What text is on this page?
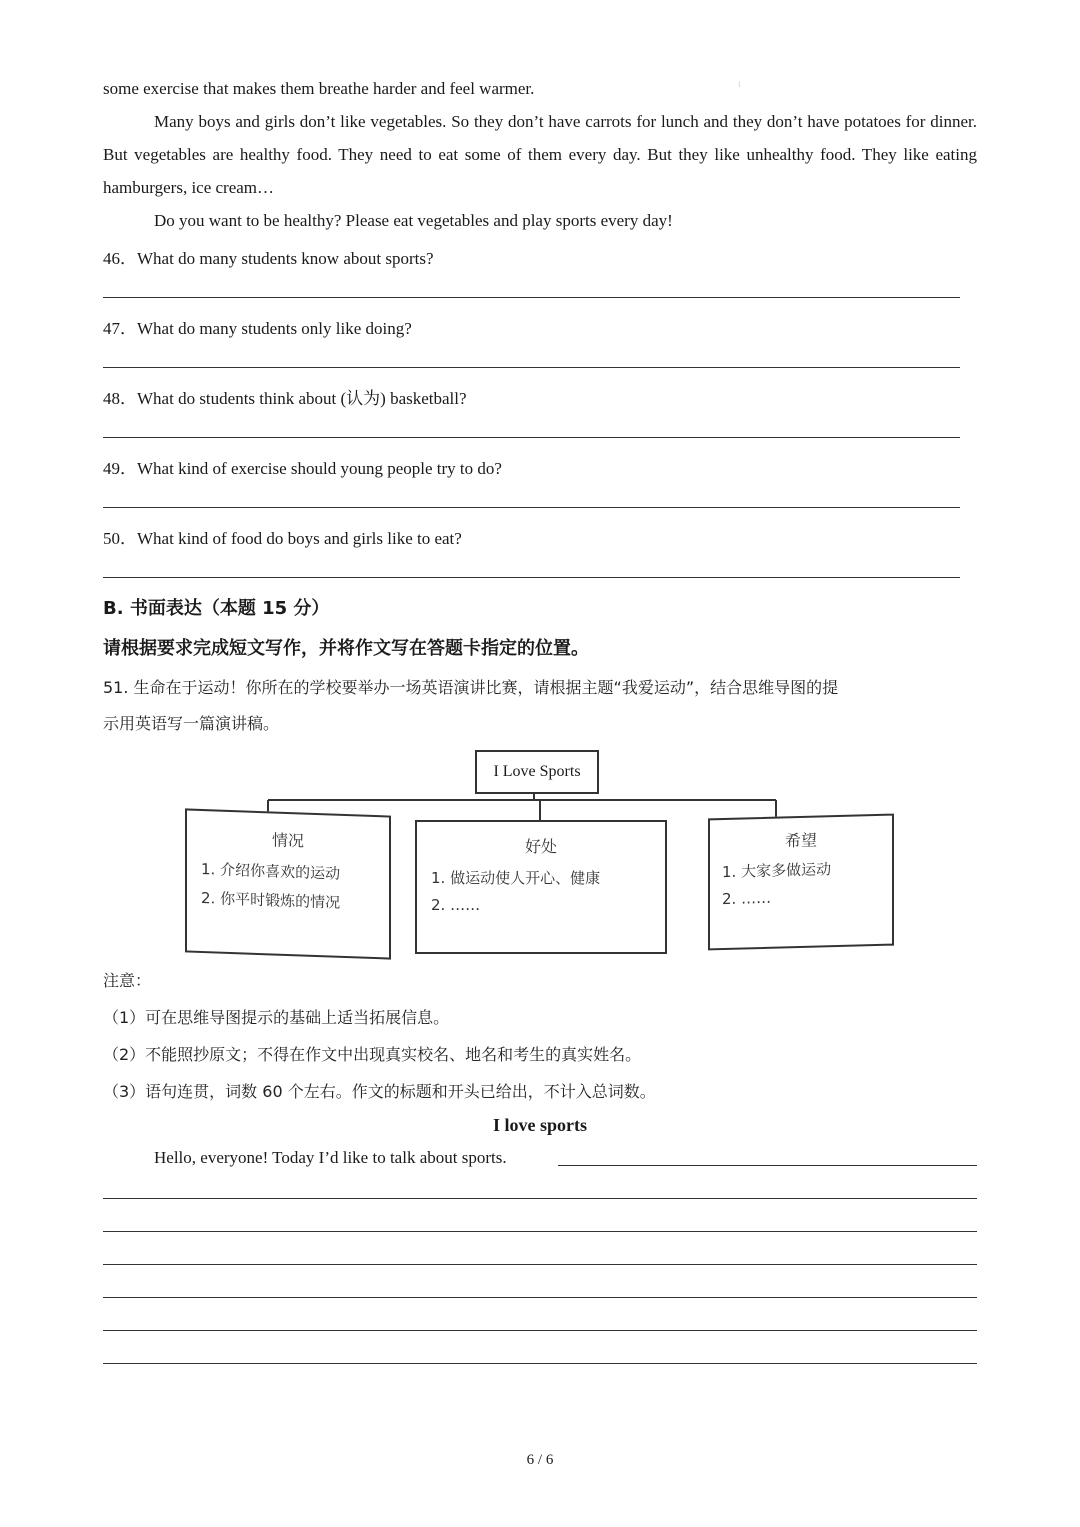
some exercise that makes them breathe harder and feel warmer.	⁝
Many boys and girls don’t like vegetables. So they don’t have carrots for lunch and they don’t have potatoes for dinner. But vegetables are healthy food. They need to eat some of them every day. But they like unhealthy food. They like eating hamburgers, ice cream…
Do you want to be healthy? Please eat vegetables and play sports every day!
46．What do many students know about sports?
47．What do many students only like doing?
48．What do students think about (认为) basketball?
49．What kind of exercise should young people try to do?
50．What kind of food do boys and girls like to eat?
B. 书面表达（本题 15 分）
请根据要求完成短文写作，并将作文写在答题卡指定的位置。
51. 生命在于运动！你所在的学校要举办一场英语演讲比赛，请根据主题“我爱运动”，结合思维导图的提
示用英语写一篇演讲稿。
I Love Sports
情况
1. 介绍你喜欢的运动
2. 你平时锻炼的情况
好处
1. 做运动使人开心、健康
2. ……
希望
1. 大家多做运动
2. ……
注意：
（1）可在思维导图提示的基础上适当拓展信息。
（2）不能照抄原文；不得在作文中出现真实校名、地名和考生的真实姓名。
（3）语句连贯，词数 60 个左右。作文的标题和开头已给出，不计入总词数。
I love sports
Hello, everyone! Today I’d like to talk about sports.
6 / 6
